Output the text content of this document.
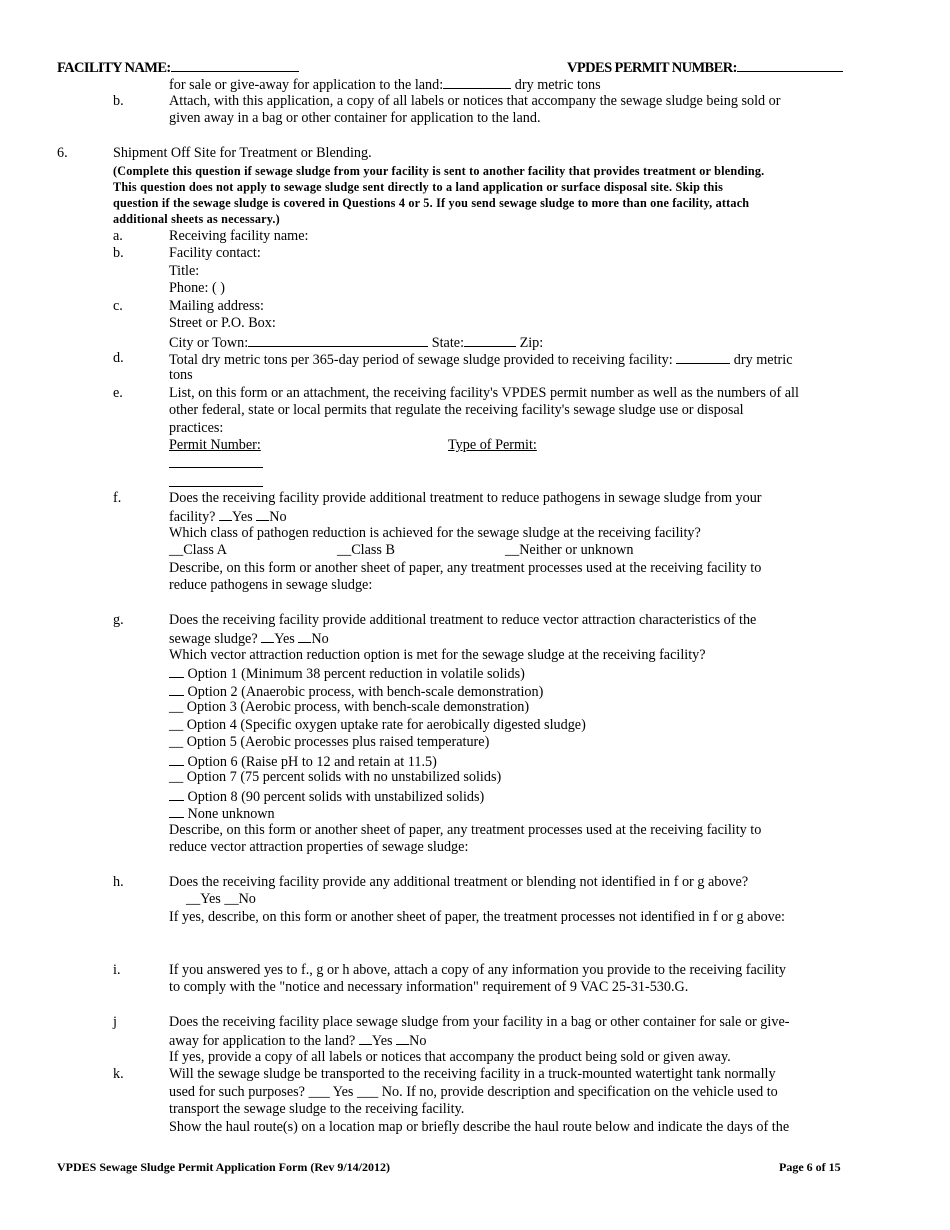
FACILITY NAME:	VPDES PERMIT NUMBER:
for sale or give-away for application to the land:	dry metric tons
b.	Attach, with this application, a copy of all labels or notices that accompany the sewage sludge being sold or
given away in a bag or other container for application to the land.
6.	Shipment Off Site for Treatment or Blending.
(Complete this question if sewage sludge from your facility is sent to another facility that provides treatment or blending.
This question does not apply to sewage sludge sent directly to a land application or surface disposal site. Skip this
question if the sewage sludge is covered in Questions 4 or 5. If you send sewage sludge to more than one facility, attach
additional sheets as necessary.)
a.	Receiving facility name:
b.	Facility contact:
Title:
Phone: ( )
c.	Mailing address:
Street or P.O. Box:
City or Town:	State:	Zip:
d.	Total dry metric tons per 365-day period of sewage sludge provided to receiving facility:	dry metric
tons
e.	List, on this form or an attachment, the receiving facility's VPDES permit number as well as the numbers of all
other federal, state or local permits that regulate the receiving facility's sewage sludge use or disposal
practices:
Permit Number:	Type of Permit:
f.	Does the receiving facility provide additional treatment to reduce pathogens in sewage sludge from your
facility? Yes No
Which class of pathogen reduction is achieved for the sewage sludge at the receiving facility?
__Class A	__Class B	__Neither or unknown
Describe, on this form or another sheet of paper, any treatment processes used at the receiving facility to
reduce pathogens in sewage sludge:
g.	Does the receiving facility provide additional treatment to reduce vector attraction characteristics of the
sewage sludge? Yes No
Which vector attraction reduction option is met for the sewage sludge at the receiving facility?
Option 1 (Minimum 38 percent reduction in volatile solids)
Option 2 (Anaerobic process, with bench-scale demonstration)
__ Option 3 (Aerobic process, with bench-scale demonstration)
__ Option 4 (Specific oxygen uptake rate for aerobically digested sludge)
__ Option 5 (Aerobic processes plus raised temperature)
Option 6 (Raise pH to 12 and retain at 11.5)
__ Option 7 (75 percent solids with no unstabilized solids)
Option 8 (90 percent solids with unstabilized solids)
None unknown
Describe, on this form or another sheet of paper, any treatment processes used at the receiving facility to
reduce vector attraction properties of sewage sludge:
h.	Does the receiving facility provide any additional treatment or blending not identified in f or g above?
__Yes __No
If yes, describe, on this form or another sheet of paper, the treatment processes not identified in f or g above:
i.	If you answered yes to f., g or h above, attach a copy of any information you provide to the receiving facility
to comply with the "notice and necessary information" requirement of 9 VAC 25-31-530.G.
j	Does the receiving facility place sewage sludge from your facility in a bag or other container for sale or give-
away for application to the land? Yes No
If yes, provide a copy of all labels or notices that accompany the product being sold or given away.
k.	Will the sewage sludge be transported to the receiving facility in a truck-mounted watertight tank normally
used for such purposes? ___ Yes ___ No. If no, provide description and specification on the vehicle used to
transport the sewage sludge to the receiving facility.
Show the haul route(s) on a location map or briefly describe the haul route below and indicate the days of the
VPDES Sewage Sludge Permit Application Form (Rev 9/14/2012)	Page 6 of 15
